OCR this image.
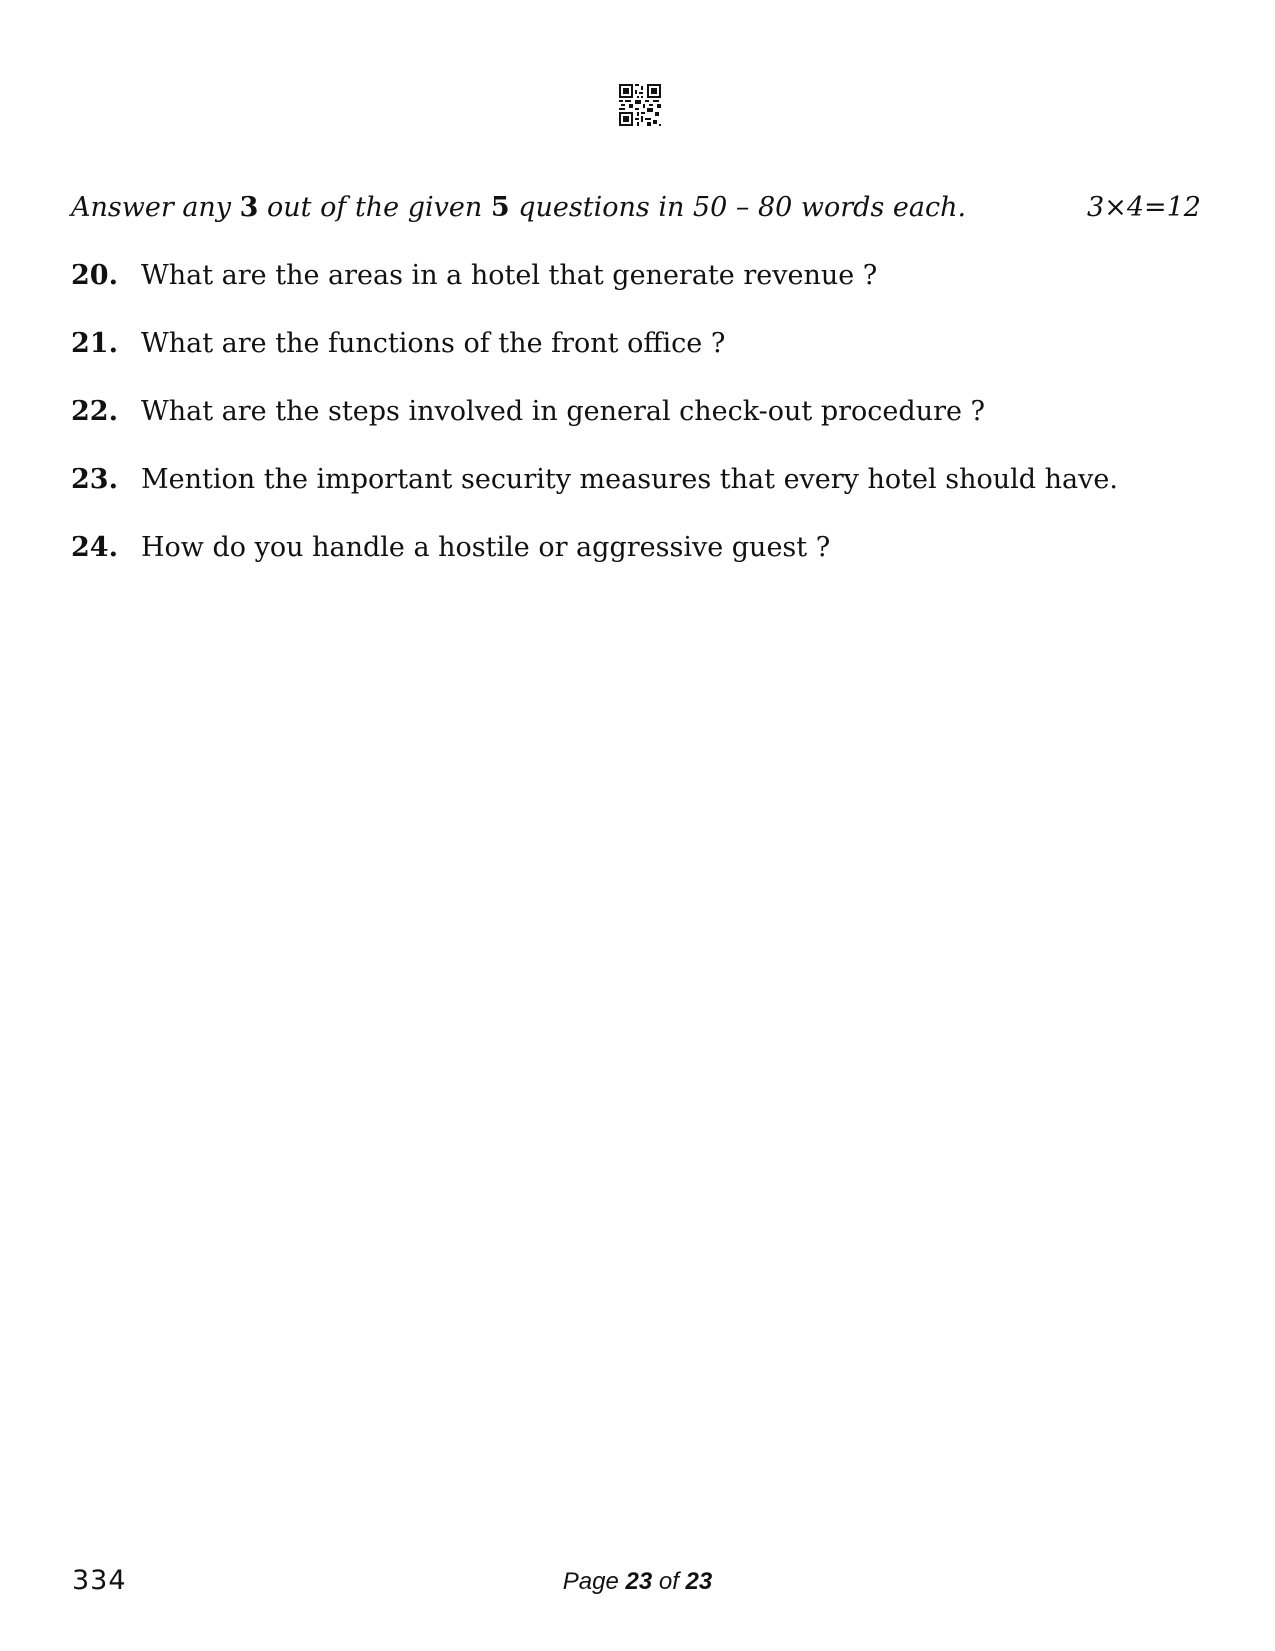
Answer any 3 out of the given 5 questions in 50 – 80 words each.	3×4=12
20. What are the areas in a hotel that generate revenue ?
21. What are the functions of the front office ?
22. What are the steps involved in general check-out procedure ?
23. Mention the important security measures that every hotel should have.
24. How do you handle a hostile or aggressive guest ?
334	Page 23 of 23
